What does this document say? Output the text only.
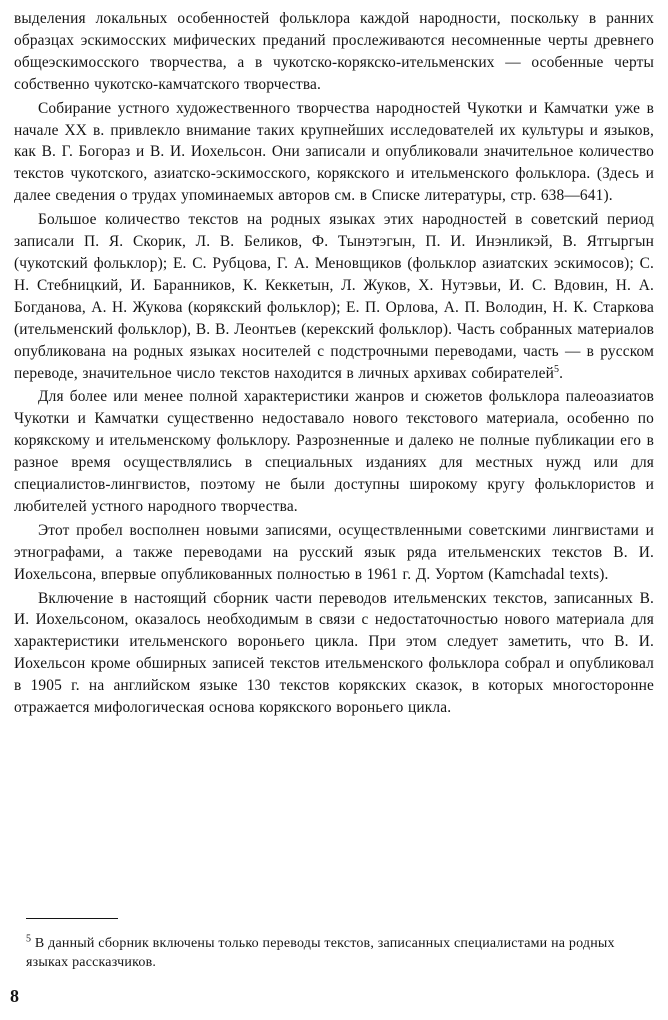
выделения локальных особенностей фольклора каждой народности, поскольку в ранних образцах эскимосских мифических преданий прослеживаются несомненные черты древнего общеэскимосского творчества, а в чукотско-корякско-ительменских — особенные черты собственно чукотско-камчатского творчества.

Собирание устного художественного творчества народностей Чукотки и Камчатки уже в начале XX в. привлекло внимание таких крупнейших исследователей их культуры и языков, как В. Г. Богораз и В. И. Иохельсон. Они записали и опубликовали значительное количество текстов чукотского, азиатско-эскимосского, корякского и ительменского фольклора. (Здесь и далее сведения о трудах упоминаемых авторов см. в Списке литературы, стр. 638—641).

Большое количество текстов на родных языках этих народностей в советский период записали П. Я. Скорик, Л. В. Беликов, Ф. Тынэтэгын, П. И. Инэнликэй, В. Ятгыргын (чукотский фольклор); Е. С. Рубцова, Г. А. Меновщиков (фольклор азиатских эскимосов); С. Н. Стебницкий, И. Баранников, К. Кеккетын, Л. Жуков, Х. Нутэвьи, И. С. Вдовин, Н. А. Богданова, А. Н. Жукова (корякский фольклор); Е. П. Орлова, А. П. Володин, Н. К. Старкова (ительменский фольклор), В. В. Леонтьев (керекский фольклор). Часть собранных материалов опубликована на родных языках носителей с подстрочными переводами, часть — в русском переводе, значительное число текстов находится в личных архивах собирателей$^5$.

Для более или менее полной характеристики жанров и сюжетов фольклора палеоазиатов Чукотки и Камчатки существенно недоставало нового текстового материала, особенно по корякскому и ительменскому фольклору. Разрозненные и далеко не полные публикации его в разное время осуществлялись в специальных изданиях для местных нужд или для специалистов-лингвистов, поэтому не были доступны широкому кругу фольклористов и любителей устного народного творчества.

Этот пробел восполнен новыми записями, осуществленными советскими лингвистами и этнографами, а также переводами на русский язык ряда ительменских текстов В. И. Иохельсона, впервые опубликованных полностью в 1961 г. Д. Уортом (Kamchadal texts).

Включение в настоящий сборник части переводов ительменских текстов, записанных В. И. Иохельсоном, оказалось необходимым в связи с недостаточностью нового материала для характеристики ительменского вороньего цикла. При этом следует заметить, что В. И. Иохельсон кроме обширных записей текстов ительменского фольклора собрал и опубликовал в 1905 г. на английском языке 130 текстов корякских сказок, в которых многосторонне отражается мифологическая основа корякского вороньего цикла.

$^5$ В данный сборник включены только переводы текстов, записанных специалистами на родных языках рассказчиков.
8
